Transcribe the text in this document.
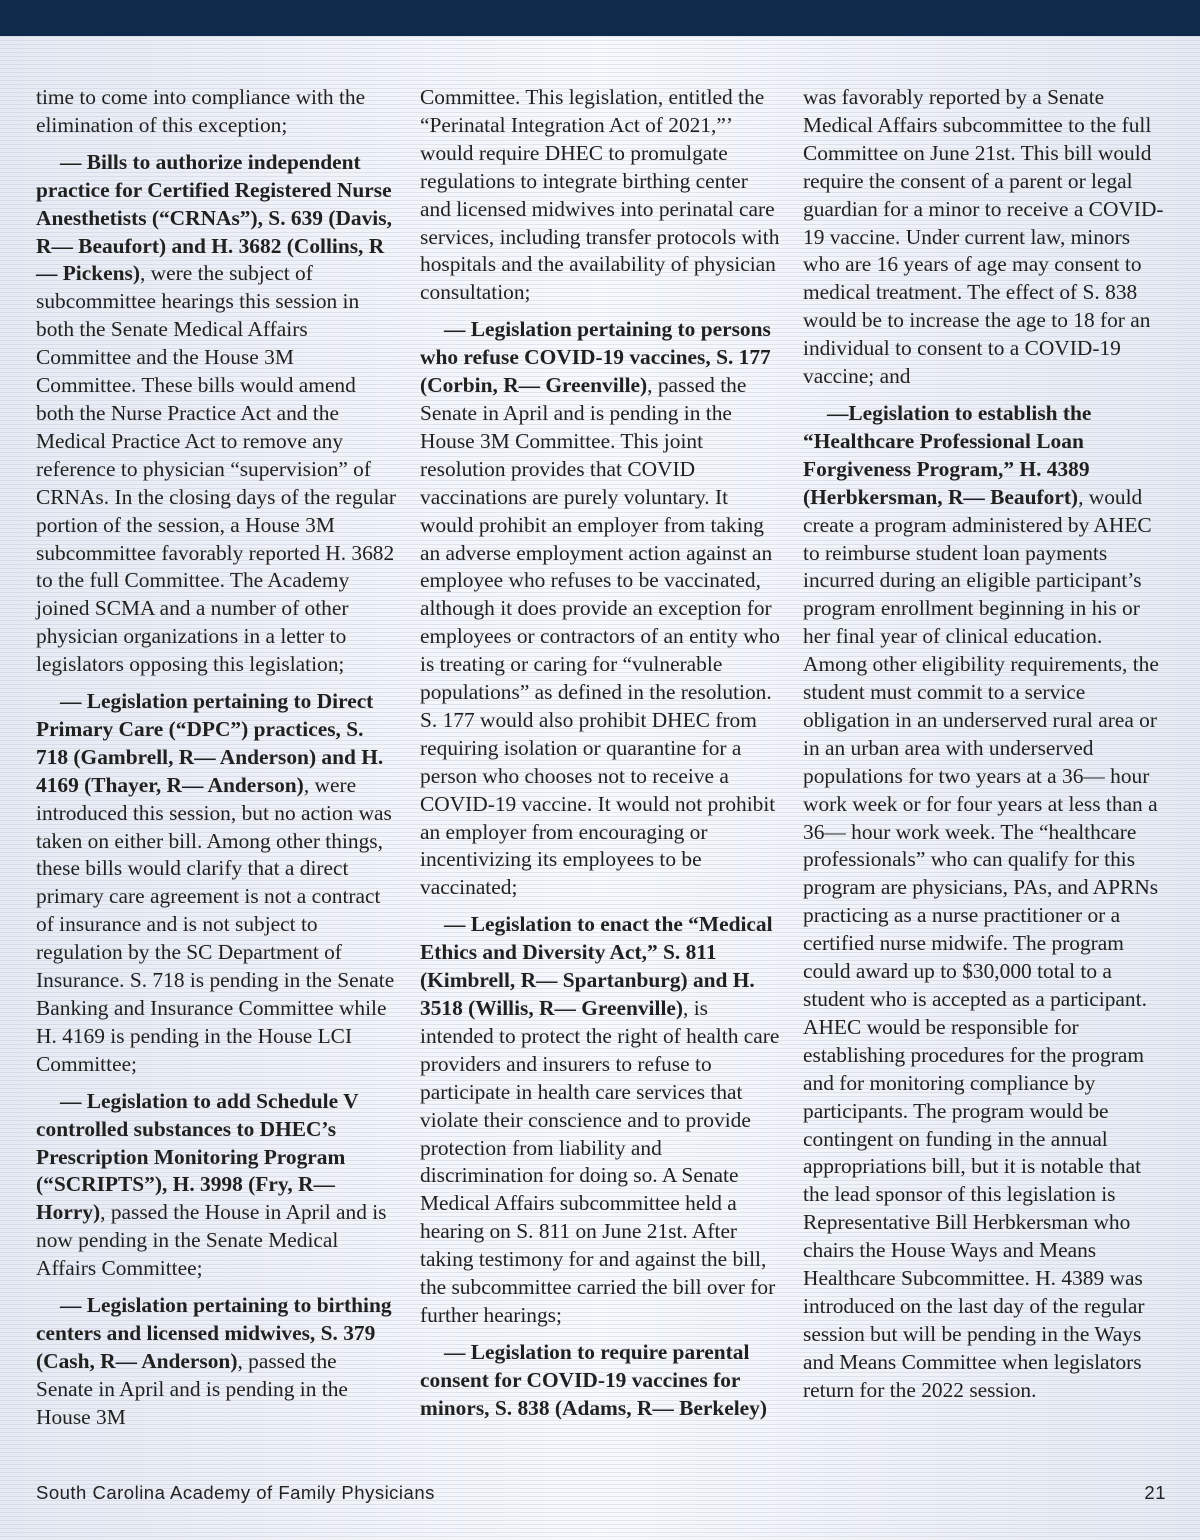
time to come into compliance with the elimination of this exception;

— Bills to authorize independent practice for Certified Registered Nurse Anesthetists (“CRNAs”), S. 639 (Davis, R— Beaufort) and H. 3682 (Collins, R— Pickens), were the subject of subcommittee hearings this session in both the Senate Medical Affairs Committee and the House 3M Committee. These bills would amend both the Nurse Practice Act and the Medical Practice Act to remove any reference to physician “supervision” of CRNAs. In the closing days of the regular portion of the session, a House 3M subcommittee favorably reported H. 3682 to the full Committee. The Academy joined SCMA and a number of other physician organizations in a letter to legislators opposing this legislation;

— Legislation pertaining to Direct Primary Care (“DPC”) practices, S. 718 (Gambrell, R— Anderson) and H. 4169 (Thayer, R— Anderson), were introduced this session, but no action was taken on either bill. Among other things, these bills would clarify that a direct primary care agreement is not a contract of insurance and is not subject to regulation by the SC Department of Insurance. S. 718 is pending in the Senate Banking and Insurance Committee while H. 4169 is pending in the House LCI Committee;

— Legislation to add Schedule V controlled substances to DHEC’s Prescription Monitoring Program (“SCRIPTS”), H. 3998 (Fry, R— Horry), passed the House in April and is now pending in the Senate Medical Affairs Committee;

— Legislation pertaining to birthing centers and licensed midwives, S. 379 (Cash, R— Anderson), passed the Senate in April and is pending in the House 3M

Committee. This legislation, entitled the “Perinatal Integration Act of 2021,”’ would require DHEC to promulgate regulations to integrate birthing center and licensed midwives into perinatal care services, including transfer protocols with hospitals and the availability of physician consultation;

— Legislation pertaining to persons who refuse COVID-19 vaccines, S. 177 (Corbin, R— Greenville), passed the Senate in April and is pending in the House 3M Committee. This joint resolution provides that COVID vaccinations are purely voluntary. It would prohibit an employer from taking an adverse employment action against an employee who refuses to be vaccinated, although it does provide an exception for employees or contractors of an entity who is treating or caring for “vulnerable populations” as defined in the resolution. S. 177 would also prohibit DHEC from requiring isolation or quarantine for a person who chooses not to receive a COVID-19 vaccine. It would not prohibit an employer from encouraging or incentivizing its employees to be vaccinated;

— Legislation to enact the “Medical Ethics and Diversity Act,” S. 811 (Kimbrell, R— Spartanburg) and H. 3518 (Willis, R— Greenville), is intended to protect the right of health care providers and insurers to refuse to participate in health care services that violate their conscience and to provide protection from liability and discrimination for doing so. A Senate Medical Affairs subcommittee held a hearing on S. 811 on June 21st. After taking testimony for and against the bill, the subcommittee carried the bill over for further hearings;

— Legislation to require parental consent for COVID-19 vaccines for minors, S. 838 (Adams, R— Berkeley)

was favorably reported by a Senate Medical Affairs subcommittee to the full Committee on June 21st. This bill would require the consent of a parent or legal guardian for a minor to receive a COVID-19 vaccine. Under current law, minors who are 16 years of age may consent to medical treatment. The effect of S. 838 would be to increase the age to 18 for an individual to consent to a COVID-19 vaccine; and

—Legislation to establish the “Healthcare Professional Loan Forgiveness Program,” H. 4389 (Herbkersman, R— Beaufort), would create a program administered by AHEC to reimburse student loan payments incurred during an eligible participant’s program enrollment beginning in his or her final year of clinical education. Among other eligibility requirements, the student must commit to a service obligation in an underserved rural area or in an urban area with underserved populations for two years at a 36— hour work week or for four years at less than a 36— hour work week. The “healthcare professionals” who can qualify for this program are physicians, PAs, and APRNs practicing as a nurse practitioner or a certified nurse midwife. The program could award up to $30,000 total to a student who is accepted as a participant. AHEC would be responsible for establishing procedures for the program and for monitoring compliance by participants. The program would be contingent on funding in the annual appropriations bill, but it is notable that the lead sponsor of this legislation is Representative Bill Herbkersman who chairs the House Ways and Means Healthcare Subcommittee. H. 4389 was introduced on the last day of the regular session but will be pending in the Ways and Means Committee when legislators return for the 2022 session.

South Carolina Academy of Family Physicians	21
